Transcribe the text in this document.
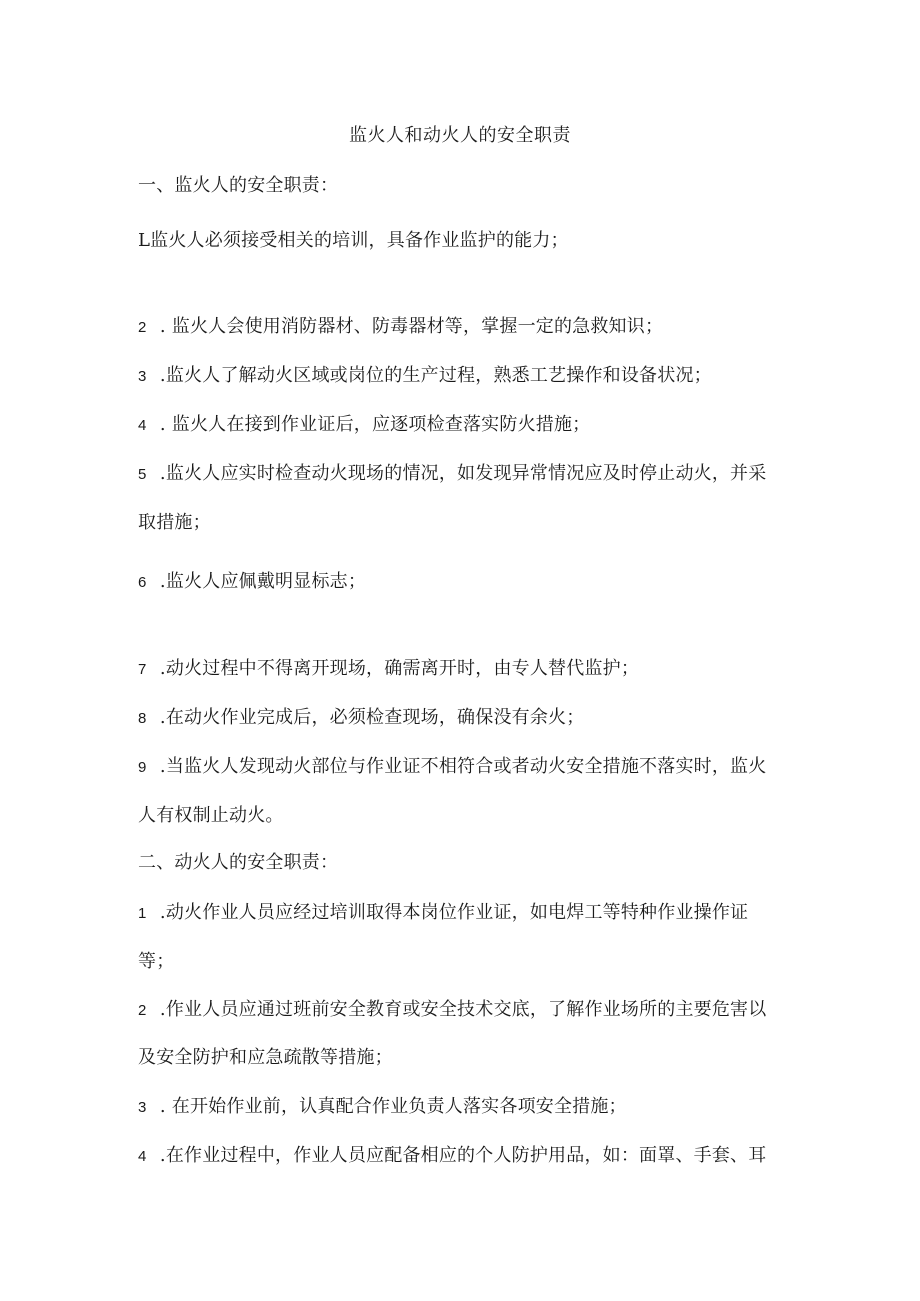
监火人和动火人的安全职责
一、监火人的安全职责：
L监火人必须接受相关的培训，具备作业监护的能力；
2 . 监火人会使用消防器材、防毒器材等，掌握一定的急救知识；
3 .监火人了解动火区域或岗位的生产过程，熟悉工艺操作和设备状况；
4 . 监火人在接到作业证后，应逐项检查落实防火措施；
5 .监火人应实时检查动火现场的情况，如发现异常情况应及时停止动火，并采
取措施；
6 .监火人应佩戴明显标志；
7 .动火过程中不得离开现场，确需离开时，由专人替代监护；
8 .在动火作业完成后，必须检查现场，确保没有余火；
9 .当监火人发现动火部位与作业证不相符合或者动火安全措施不落实时，监火
人有权制止动火。
二、动火人的安全职责：
1 .动火作业人员应经过培训取得本岗位作业证，如电焊工等特种作业操作证
等；
2 .作业人员应通过班前安全教育或安全技术交底，了解作业场所的主要危害以
及安全防护和应急疏散等措施；
3 . 在开始作业前，认真配合作业负责人落实各项安全措施；
4 .在作业过程中，作业人员应配备相应的个人防护用品，如：面罩、手套、耳
